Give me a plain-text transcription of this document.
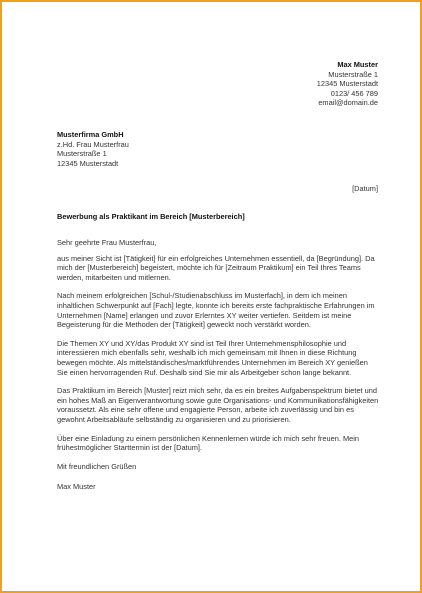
Max Muster
Musterstraße 1
12345 Musterstadt
0123/ 456 789
email@domain.de
Musterfirma GmbH
z.Hd. Frau Musterfrau
Musterstraße 1
12345 Musterstadt
[Datum]
Bewerbung als Praktikant im Bereich [Musterbereich]

Sehr geehrte Frau Musterfrau,

aus meiner Sicht ist [Tätigkeit] für ein erfolgreiches Unternehmen essentiell, da [Begründung]. Da mich der [Musterbereich] begeistert, möchte ich für [Zeitraum Praktikum] ein Teil Ihres Teams werden, mitarbeiten und mitlernen.

Nach meinem erfolgreichen [Schul-/Studienabschluss im Musterfach], in dem ich meinen inhaltlichen Schwerpunkt auf [Fach] legte, konnte ich bereits erste fachpraktische Erfahrungen im Unternehmen [Name] erlangen und zuvor Erlerntes XY weiter vertiefen. Seitdem ist meine Begeisterung für die Methoden der [Tätigkeit] geweckt noch verstärkt worden.

Die Themen XY und XY/das Produkt XY sind ist Teil Ihrer Unternehmensphilosophie und interessieren mich ebenfalls sehr, weshalb ich mich gemeinsam mit Ihnen in diese Richtung bewegen möchte. Als mittelständisches/marktführendes Unternehmen im Bereich XY genießen Sie einen hervorragenden Ruf. Deshalb sind Sie mir als Arbeitgeber schon lange bekannt.

Das Praktikum im Bereich [Muster] reizt mich sehr, da es ein breites Aufgabenspektrum bietet und ein hohes Maß an Eigenverantwortung sowie gute Organisations- und Kommunikationsfähigkeiten voraussetzt. Als eine sehr offene und engagierte Person, arbeite ich zuverlässig und bin es gewohnt Arbeitsabläufe selbständig zu organisieren und zu priorisieren.

Über eine Einladung zu einem persönlichen Kennenlernen würde ich mich sehr freuen. Mein frühestmöglicher Starttermin ist der [Datum].

Mit freundlichen Grüßen

Max Muster
